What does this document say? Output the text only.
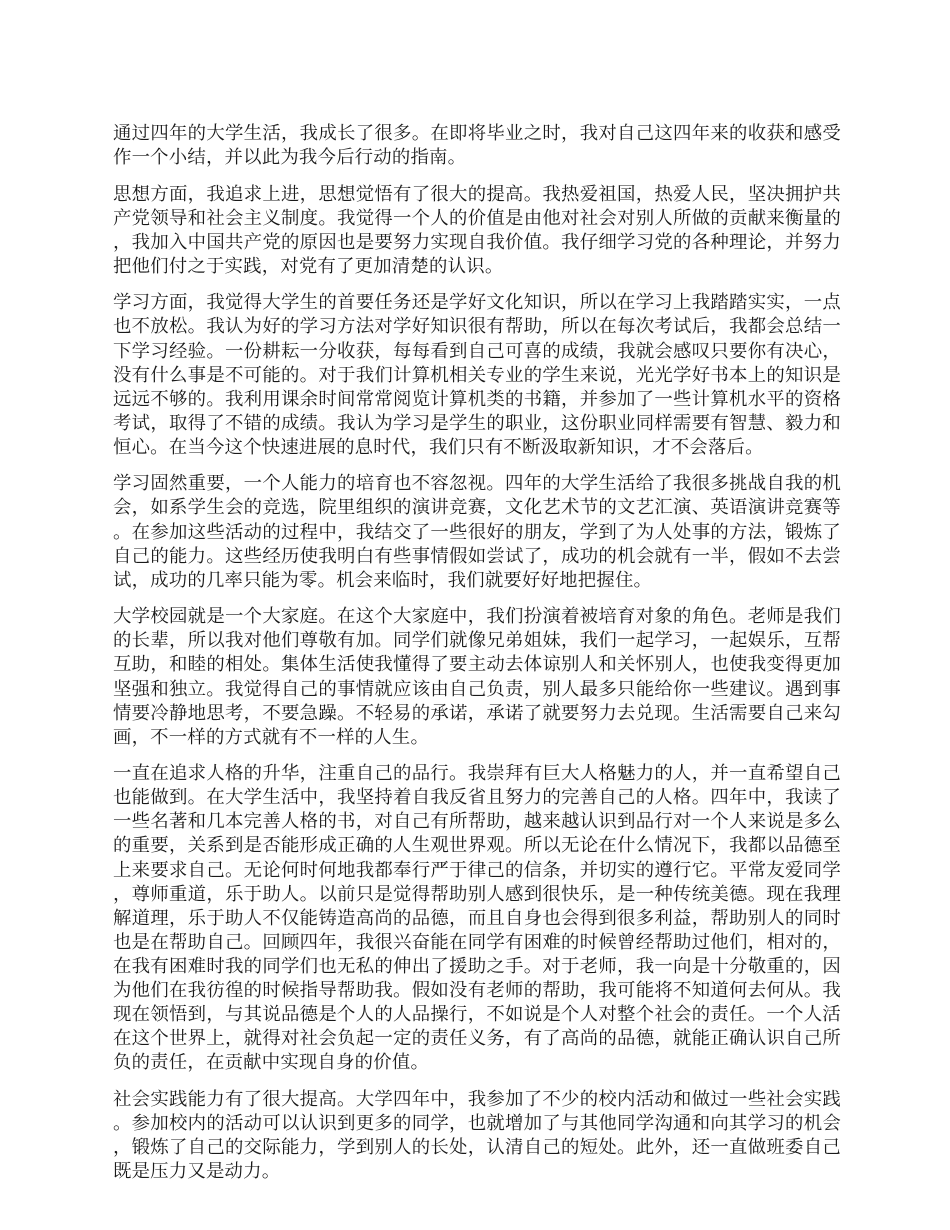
通过四年的大学生活，我成长了很多。在即将毕业之时，我对自己这四年来的收获和感受作一个小结，并以此为我今后行动的指南。

思想方面，我追求上进，思想觉悟有了很大的提高。我热爱祖国，热爱人民，坚决拥护共产党领导和社会主义制度。我觉得一个人的价值是由他对社会对别人所做的贡献来衡量的，我加入中国共产党的原因也是要努力实现自我价值。我仔细学习党的各种理论，并努力把他们付之于实践，对党有了更加清楚的认识。

学习方面，我觉得大学生的首要任务还是学好文化知识，所以在学习上我踏踏实实，一点也不放松。我认为好的学习方法对学好知识很有帮助，所以在每次考试后，我都会总结一下学习经验。一份耕耘一分收获，每每看到自己可喜的成绩，我就会感叹只要你有决心，没有什么事是不可能的。对于我们计算机相关专业的学生来说，光光学好书本上的知识是远远不够的。我利用课余时间常常阅览计算机类的书籍，并参加了一些计算机水平的资格考试，取得了不错的成绩。我认为学习是学生的职业，这份职业同样需要有智慧、毅力和恒心。在当今这个快速进展的息时代，我们只有不断汲取新知识，才不会落后。

学习固然重要，一个人能力的培育也不容忽视。四年的大学生活给了我很多挑战自我的机会，如系学生会的竞选，院里组织的演讲竞赛，文化艺术节的文艺汇演、英语演讲竞赛等。在参加这些活动的过程中，我结交了一些很好的朋友，学到了为人处事的方法，锻炼了自己的能力。这些经历使我明白有些事情假如尝试了，成功的机会就有一半，假如不去尝试，成功的几率只能为零。机会来临时，我们就要好好地把握住。

大学校园就是一个大家庭。在这个大家庭中，我们扮演着被培育对象的角色。老师是我们的长辈，所以我对他们尊敬有加。同学们就像兄弟姐妹，我们一起学习，一起娱乐，互帮互助，和睦的相处。集体生活使我懂得了要主动去体谅别人和关怀别人，也使我变得更加坚强和独立。我觉得自己的事情就应该由自己负责，别人最多只能给你一些建议。遇到事情要冷静地思考，不要急躁。不轻易的承诺，承诺了就要努力去兑现。生活需要自己来勾画，不一样的方式就有不一样的人生。

一直在追求人格的升华，注重自己的品行。我崇拜有巨大人格魅力的人，并一直希望自己也能做到。在大学生活中，我坚持着自我反省且努力的完善自己的人格。四年中，我读了一些名著和几本完善人格的书，对自己有所帮助，越来越认识到品行对一个人来说是多么的重要，关系到是否能形成正确的人生观世界观。所以无论在什么情况下，我都以品德至上来要求自己。无论何时何地我都奉行严于律己的信条，并切实的遵行它。平常友爱同学，尊师重道，乐于助人。以前只是觉得帮助别人感到很快乐，是一种传统美德。现在我理解道理，乐于助人不仅能铸造高尚的品德，而且自身也会得到很多利益，帮助别人的同时也是在帮助自己。回顾四年，我很兴奋能在同学有困难的时候曾经帮助过他们，相对的，在我有困难时我的同学们也无私的伸出了援助之手。对于老师，我一向是十分敬重的，因为他们在我彷徨的时候指导帮助我。假如没有老师的帮助，我可能将不知道何去何从。我现在领悟到，与其说品德是个人的人品操行，不如说是个人对整个社会的责任。一个人活在这个世界上，就得对社会负起一定的责任义务，有了高尚的品德，就能正确认识自己所负的责任，在贡献中实现自身的价值。

社会实践能力有了很大提高。大学四年中，我参加了不少的校内活动和做过一些社会实践。参加校内的活动可以认识到更多的同学，也就增加了与其他同学沟通和向其学习的机会，锻炼了自己的交际能力，学到别人的长处，认清自己的短处。此外，还一直做班委自己既是压力又是动力。
